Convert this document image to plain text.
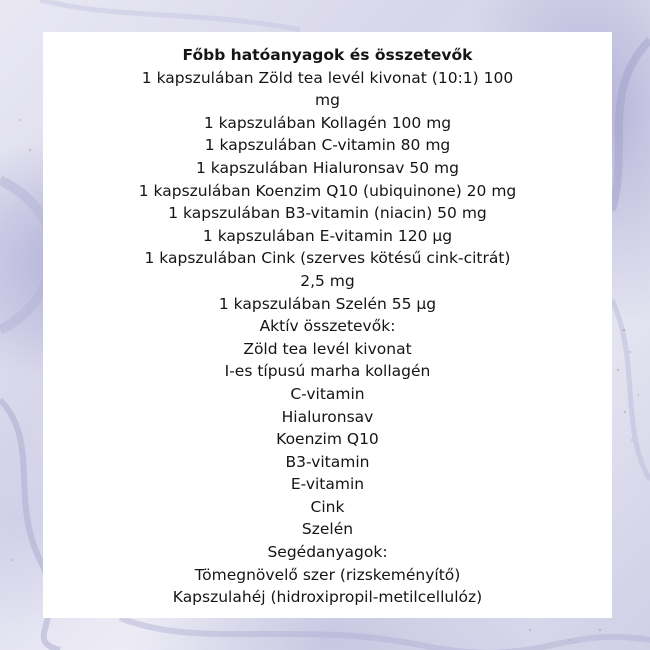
Főbb hatóanyagok és összetevők

1 kapszulában Zöld tea levél kivonat (10:1) 100

mg

1 kapszulában Kollagén 100 mg

1 kapszulában C-vitamin 80 mg

1 kapszulában Hialuronsav 50 mg

1 kapszulában Koenzim Q10 (ubiquinone) 20 mg

1 kapszulában B3-vitamin (niacin) 50 mg

1 kapszulában E-vitamin 120 µg

1 kapszulában Cink (szerves kötésű cink-citrát)

2,5 mg

1 kapszulában Szelén 55 µg

Aktív összetevők:

Zöld tea levél kivonat

I-es típusú marha kollagén

C-vitamin

Hialuronsav

Koenzim Q10

B3-vitamin

E-vitamin

Cink

Szelén

Segédanyagok:

Tömegnövelő szer (rizskeményítő)

Kapszulahéj (hidroxipropil-metilcellulóz)
